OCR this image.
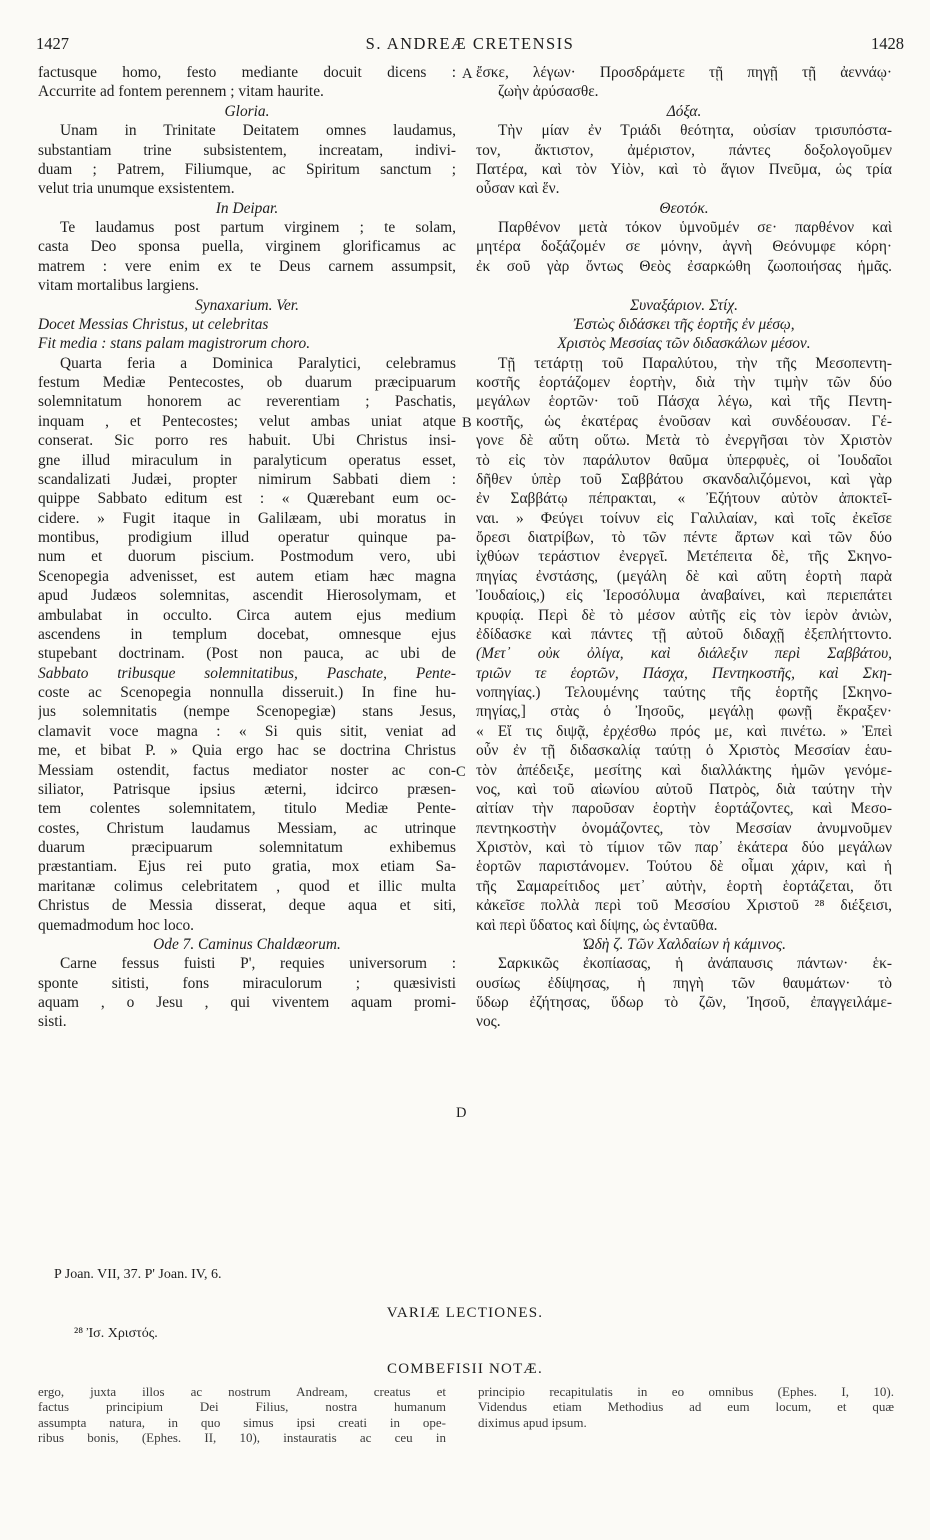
1427	S. ANDREÆ CRETENSIS	1428
factusque homo, festo mediante docuit dicens :
Accurrite ad fontem perennem ; vitam haurite.
Gloria.
Unam in Trinitate Deitatem omnes laudamus,
substantiam trine subsistentem, increatam, indivi-
duam ; Patrem, Filiumque, ac Spiritum sanctum ;
velut tria unumque exsistentem.
In Deipar.
Te laudamus post partum virginem ; te solam,
casta Deo sponsa puella, virginem glorificamus ac
matrem : vere enim ex te Deus carnem assumpsit,
vitam mortalibus largiens.
Synaxarium. Ver.
Docet Messias Christus, ut celebritas
Fit media : stans palam magistrorum choro.
Quarta feria a Dominica Paralytici, celebramus
festum Mediæ Pentecostes, ob duarum præcipuarum
solemnitatum honorem ac reverentiam ; Paschatis,
inquam , et Pentecostes; velut ambas uniat atque
conserat. Sic porro res habuit. Ubi Christus insi-
gne illud miraculum in paralyticum operatus esset,
scandalizati Judæi, propter nimirum Sabbati diem :
quippe Sabbato editum est : « Quærebant eum oc-
cidere. » Fugit itaque in Galilæam, ubi moratus in
montibus, prodigium illud operatur quinque pa-
num et duorum piscium. Postmodum vero, ubi
Scenopegia advenisset, est autem etiam hæc magna
apud Judæos solemnitas, ascendit Hierosolymam, et
ambulabat in occulto. Circa autem ejus medium
ascendens in templum docebat, omnesque ejus
stupebant doctrinam. (Post non pauca, ac ubi de
Sabbato tribusque solemnitatibus, Paschate, Pente-
coste ac Scenopegia nonnulla disseruit.) In fine hu-
jus solemnitatis (nempe Scenopegiæ) stans Jesus,
clamavit voce magna : « Si quis sitit, veniat ad
me, et bibat P. » Quia ergo hac se doctrina Christus
Messiam ostendit, factus mediator noster ac con-
siliator, Patrisque ipsius æterni, idcirco præsen-
tem colentes solemnitatem, titulo Mediæ Pente-
costes, Christum laudamus Messiam, ac utrinque
duarum præcipuarum solemnitatum exhibemus
præstantiam. Ejus rei puto gratia, mox etiam Sa-
maritanæ colimus celebritatem , quod et illic multa
Christus de Messia disserat, deque aqua et siti,
quemadmodum hoc loco.
Ode 7. Caminus Chaldæorum.
Carne fessus fuisti P', requies universorum :
sponte sitisti, fons miraculorum ; quæsivisti
aquam , o Jesu , qui viventem aquam promi-
sisti.
ἔσκε, λέγων· Προσδράμετε τῇ πηγῇ τῇ ἀεννάῳ·
ζωὴν ἀρύσασθε.
Δόξα.
Τὴν μίαν ἐν Τριάδι θεότητα, οὐσίαν τρισυπόστα-
τον, ἄκτιστον, ἀμέριστον, πάντες δοξολογοῦμεν
Πατέρα, καὶ τὸν Υἱὸν, καὶ τὸ ἅγιον Πνεῦμα, ὡς τρία
οὖσαν καὶ ἕν.
Θεοτόκ.
Παρθένον μετὰ τόκον ὑμνοῦμέν σε· παρθένον καὶ
μητέρα δοξάζομέν σε μόνην, ἁγνὴ Θεόνυμφε κόρη·
ἐκ σοῦ γὰρ ὄντως Θεὸς ἐσαρκώθη ζωοποιήσας ἡμᾶς.
Συναξάριον. Στίχ.
Ἐστὼς διδάσκει τῆς ἑορτῆς ἐν μέσῳ,
Χριστὸς Μεσσίας τῶν διδασκάλων μέσον.
Τῇ τετάρτῃ τοῦ Παραλύτου, τὴν τῆς Μεσοπεντη-
κοστῆς ἑορτάζομεν ἑορτὴν, διὰ τὴν τιμὴν τῶν δύο
μεγάλων ἑορτῶν· τοῦ Πάσχα λέγω, καὶ τῆς Πεντη-
κοστῆς, ὡς ἑκατέρας ἑνοῦσαν καὶ συνδέουσαν. Γέ-
γονε δὲ αὕτη οὕτω. Μετὰ τὸ ἐνεργῆσαι τὸν Χριστὸν
τὸ εἰς τὸν παράλυτον θαῦμα ὑπερφυὲς, οἱ Ἰουδαῖοι
δῆθεν ὑπὲρ τοῦ Σαββάτου σκανδαλιζόμενοι, καὶ γὰρ
ἐν Σαββάτῳ πέπρακται, « Ἐζήτουν αὐτὸν ἀποκτεῖ-
ναι. » Φεύγει τοίνυν εἰς Γαλιλαίαν, καὶ τοῖς ἐκεῖσε
ὄρεσι διατρίβων, τὸ τῶν πέντε ἄρτων καὶ τῶν δύο
ἰχθύων τεράστιον ἐνεργεῖ. Μετέπειτα δὲ, τῆς Σκηνο-
πηγίας ἐνστάσης, (μεγάλη δὲ καὶ αὕτη ἑορτὴ παρὰ
Ἰουδαίοις,) εἰς Ἱεροσόλυμα ἀναβαίνει, καὶ περιεπάτει
κρυφίᾳ. Περὶ δὲ τὸ μέσον αὐτῆς εἰς τὸν ἱερὸν ἀνιὼν,
ἐδίδασκε καὶ πάντες τῇ αὐτοῦ διδαχῇ ἐξεπλήττοντο.
(Μετ᾽ οὐκ ὀλίγα, καὶ διάλεξιν περὶ Σαββάτου,
τριῶν τε ἑορτῶν, Πάσχα, Πεντηκοστῆς, καὶ Σκη-
νοπηγίας.) Τελουμένης ταύτης τῆς ἑορτῆς [Σκηνο-
πηγίας,] στὰς ὁ Ἰησοῦς, μεγάλῃ φωνῇ ἔκραξεν·
« Εἴ τις διψᾷ, ἐρχέσθω πρός με, καὶ πινέτω. » Ἐπεὶ
οὖν ἐν τῇ διδασκαλίᾳ ταύτῃ ὁ Χριστὸς Μεσσίαν ἑαυ-
τὸν ἀπέδειξε, μεσίτης καὶ διαλλάκτης ἡμῶν γενόμε-
νος, καὶ τοῦ αἰωνίου αὐτοῦ Πατρὸς, διὰ ταύτην τὴν
αἰτίαν τὴν παροῦσαν ἑορτὴν ἑορτάζοντες, καὶ Μεσο-
πεντηκοστὴν ὀνομάζοντες, τὸν Μεσσίαν ἀνυμνοῦμεν
Χριστὸν, καὶ τὸ τίμιον τῶν παρ᾽ ἑκάτερα δύο μεγάλων
ἑορτῶν παριστάνομεν. Τούτου δὲ οἶμαι χάριν, καὶ ἡ
τῆς Σαμαρείτιδος μετ᾽ αὐτὴν, ἑορτὴ ἑορτάζεται, ὅτι
κἀκεῖσε πολλὰ περὶ τοῦ Μεσσίου Χριστοῦ ²⁸ διέξεισι,
καὶ περὶ ὕδατος καὶ δίψης, ὡς ἐνταῦθα.
Ὠδὴ ζ. Τῶν Χαλδαίων ἡ κάμινος.
Σαρκικῶς ἐκοπίασας, ἡ ἀνάπαυσις πάντων· ἑκ-
ουσίως ἐδίψησας, ἡ πηγὴ τῶν θαυμάτων· τὸ
ὕδωρ ἐζήτησας, ὕδωρ τὸ ζῶν, Ἰησοῦ, ἐπαγγειλάμε-
νος.
A
B
C
D
P Joan. VII, 37. P' Joan. IV, 6.
VARIÆ LECTIONES.
²⁸ Ἰσ. Χριστός.
COMBEFISII NOTÆ.
ergo, juxta illos ac nostrum Andream, creatus et
factus principium Dei Filius, nostra humanum
assumpta natura, in quo simus ipsi creati in ope-
ribus bonis, (Ephes. II, 10), instauratis ac ceu in
principio recapitulatis in eo omnibus (Ephes. I, 10).
Videndus etiam Methodius ad eum locum, et quæ
diximus apud ipsum.
